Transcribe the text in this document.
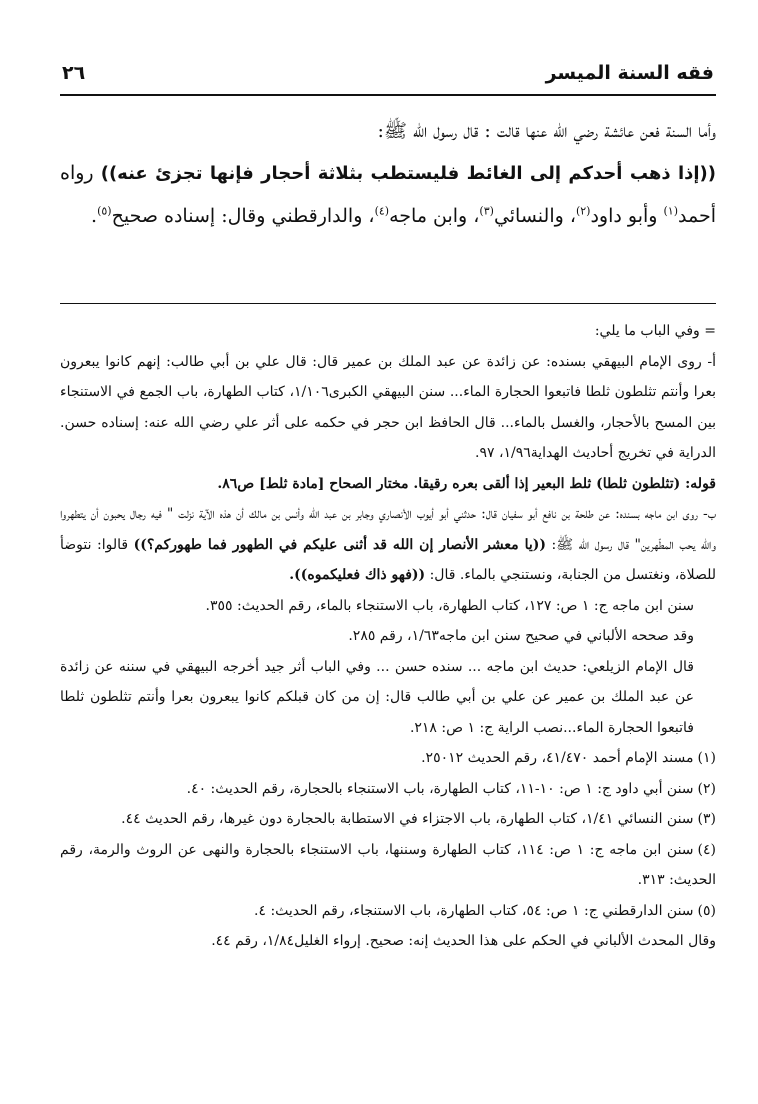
فقه السنة الميسر
٢٦

وأما السنة فعن عائشة رضي الله عنها قالت : قال رسول الله ﷺ:

((إذا ذهب أحدكم إلى الغائط فليستطب بثلاثة أحجار فإنها تجزئ عنه)) رواه أحمد$^{(١)}$ وأبو داود$^{(٢)}$، والنسائي$^{(٣)}$، وابن ماجه$^{(٤)}$، والدارقطني وقال: إسناده صحيح$^{(٥)}$.

= وفي الباب ما يلي:

أ- روى الإمام البيهقي بسنده: عن زائدة عن عبد الملك بن عمير قال: قال علي بن أبي طالب: إنهم كانوا يبعرون بعرا وأنتم تثلطون ثلطا فاتبعوا الحجارة الماء... سنن البيهقي الكبرى١/١٠٦، كتاب الطهارة، باب الجمع في الاستنجاء بين المسح بالأحجار، والغسل بالماء... قال الحافظ ابن حجر في حكمه على أثر علي رضي الله عنه: إسناده حسن. الدراية في تخريج أحاديث الهداية١/٩٦، ٩٧.

قوله: (تثلطون ثلطا) ثلط البعير إذا ألقى بعره رقيقا. مختار الصحاح [مادة ثلط] ص٨٦.

ب- روى ابن ماجه بسنده: عن طلحة بن نافع أبو سفيان قال: حدثني أبو أيوب الأنصاري وجابر بن عبد الله وأنس بن مالك أن هذه الآية نزلت " فيه رجال يحبون أن يتطهروا والله يحب المطّهرين" قال رسول الله ﷺ: ((يا معشر الأنصار إن الله قد أثنى عليكم في الطهور فما طهوركم؟)) قالوا: نتوضأ للصلاة، ونغتسل من الجنابة، ونستنجي بالماء. قال: ((فهو ذاك فعليكموه)).

سنن ابن ماجه ج: ١ ص: ١٢٧، كتاب الطهارة، باب الاستنجاء بالماء، رقم الحديث: ٣٥٥.

وقد صححه الألباني في صحيح سنن ابن ماجه١/٦٣، رقم ٢٨٥.

قال الإمام الزيلعي: حديث ابن ماجه ... سنده حسن ... وفي الباب أثر جيد أخرجه البيهقي في سننه عن زائدة عن عبد الملك بن عمير عن علي بن أبي طالب قال: إن من كان قبلكم كانوا يبعرون بعرا وأنتم تثلطون ثلطا فاتبعوا الحجارة الماء...نصب الراية ج: ١ ص: ٢١٨.

(١)مسند الإمام أحمد ٤١/٤٧٠، رقم الحديث ٢٥٠١٢.

(٢)سنن أبي داود ج: ١ ص: ١٠-١١، كتاب الطهارة، باب الاستنجاء بالحجارة، رقم الحديث: ٤٠.

(٣)سنن النسائي ١/٤١، كتاب الطهارة، باب الاجتزاء في الاستطابة بالحجارة دون غيرها، رقم الحديث ٤٤.

(٤)سنن ابن ماجه ج: ١ ص: ١١٤، كتاب الطهارة وسننها، باب الاستنجاء بالحجارة والنهى عن الروث والرمة، رقم الحديث: ٣١٣.

(٥)سنن الدارقطني ج: ١ ص: ٥٤، كتاب الطهارة، باب الاستنجاء، رقم الحديث: ٤.

وقال المحدث الألباني في الحكم على هذا الحديث إنه: صحيح. إرواء الغليل١/٨٤، رقم ٤٤.
